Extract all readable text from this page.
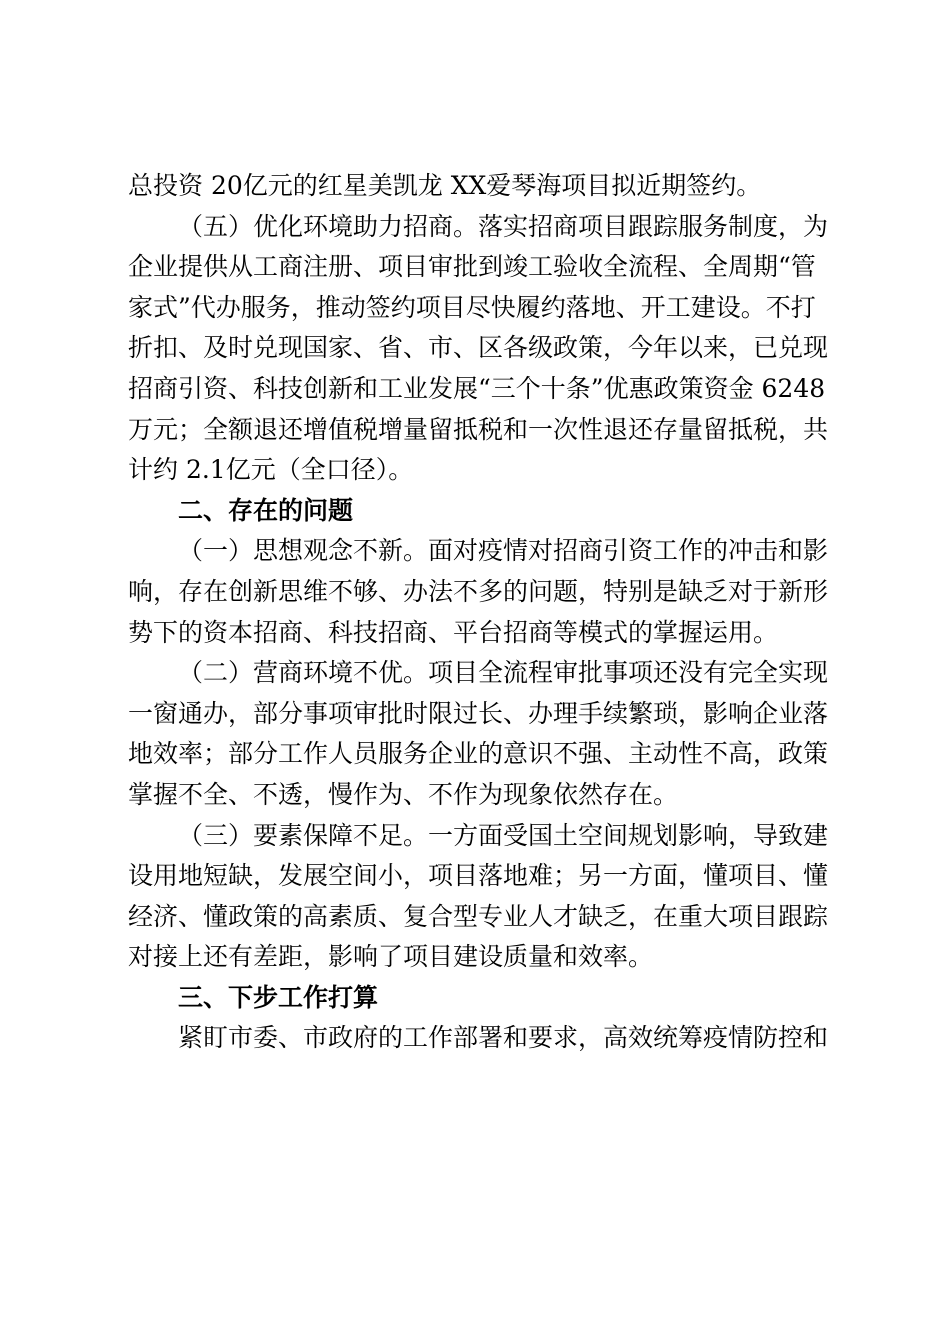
总投资 20亿元的红星美凯龙 XX爱琴海项目拟近期签约。
（五）优化环境助力招商。落实招商项目跟踪服务制度，为
企业提供从工商注册、项目审批到竣工验收全流程、全周期“管
家式”代办服务，推动签约项目尽快履约落地、开工建设。不打
折扣、及时兑现国家、省、市、区各级政策，今年以来，已兑现
招商引资、科技创新和工业发展“三个十条”优惠政策资金 6248
万元；全额退还增值税增量留抵税和一次性退还存量留抵税，共
计约 2.1亿元（全口径）。
二、存在的问题
（一）思想观念不新。面对疫情对招商引资工作的冲击和影
响，存在创新思维不够、办法不多的问题，特别是缺乏对于新形
势下的资本招商、科技招商、平台招商等模式的掌握运用。
（二）营商环境不优。项目全流程审批事项还没有完全实现
一窗通办，部分事项审批时限过长、办理手续繁琐，影响企业落
地效率；部分工作人员服务企业的意识不强、主动性不高，政策
掌握不全、不透，慢作为、不作为现象依然存在。
（三）要素保障不足。一方面受国土空间规划影响，导致建
设用地短缺，发展空间小，项目落地难；另一方面，懂项目、懂
经济、懂政策的高素质、复合型专业人才缺乏，在重大项目跟踪
对接上还有差距，影响了项目建设质量和效率。
三、下步工作打算
紧盯市委、市政府的工作部署和要求，高效统筹疫情防控和
